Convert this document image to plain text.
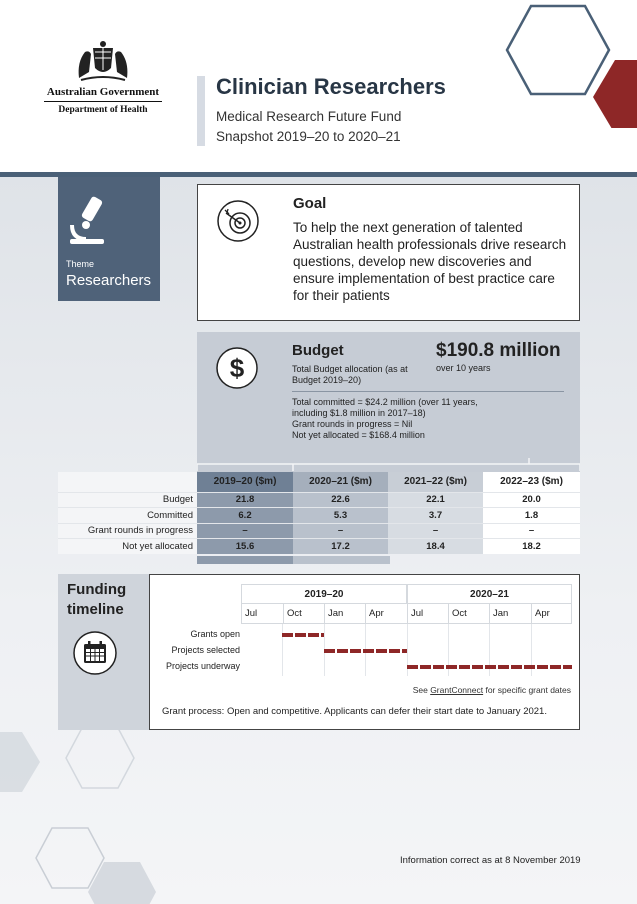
Australian Government
Department of Health
Clinician Researchers
Medical Research Future Fund
Snapshot 2019–20 to 2020–21
Theme
Researchers
Goal
To help the next generation of talented Australian health professionals drive research questions, develop new discoveries and ensure implementation of best practice care for their patients
$
Budget
Total Budget allocation (as at Budget 2019–20)
$190.8 million
over 10 years
Total committed = $24.2 million (over 11 years,
including $1.8 million in 2017–18)
Grant rounds in progress = Nil
Not yet allocated = $168.4 million
	2019–20 ($m)	2020–21 ($m)	2021–22 ($m)	2022–23 ($m)
Budget	21.8	22.6	22.1	20.0
Committed	6.2	5.3	3.7	1.8
Grant rounds in progress	–	–	–	–
Not yet allocated	15.6	17.2	18.4	18.2
Funding
timeline
2019–20	2020–21
Jul	Oct	Jan	Apr	Jul	Oct	Jan	Apr
Grants open
Projects selected
Projects underway
See GrantConnect for specific grant dates
Grant process: Open and competitive. Applicants can defer their start date to January 2021.
Information correct as at 8 November 2019
